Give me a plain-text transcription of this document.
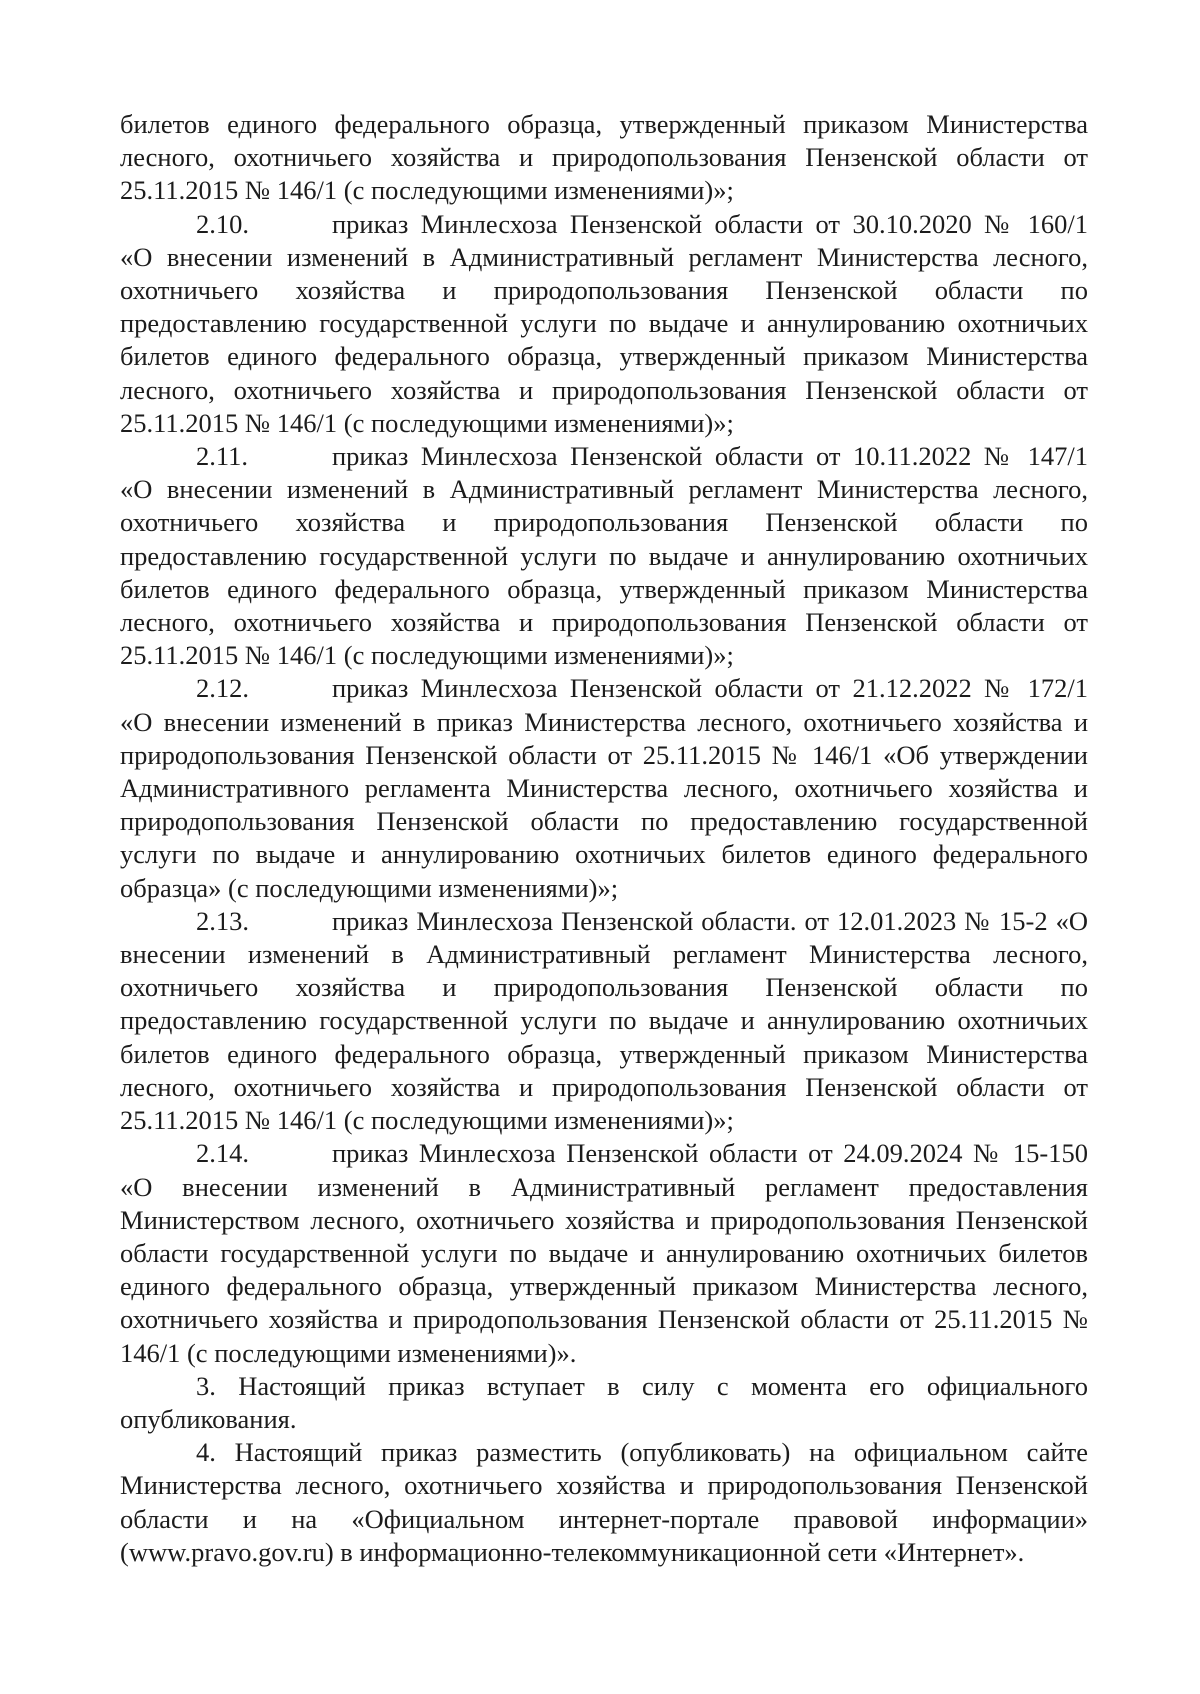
билетов единого федерального образца, утвержденный приказом Министерства лесного, охотничьего хозяйства и природопользования Пензенской области от 25.11.2015 № 146/1 (с последующими изменениями)»;

2.10.	приказ Минлесхоза Пензенской области от 30.10.2020 № 160/1
«О внесении изменений в Административный регламент Министерства лесного, охотничьего хозяйства и природопользования Пензенской области по предоставлению государственной услуги по выдаче и аннулированию охотничьих билетов единого федерального образца, утвержденный приказом Министерства лесного, охотничьего хозяйства и природопользования Пензенской области от 25.11.2015 № 146/1 (с последующими изменениями)»;
2.11.	приказ Минлесхоза Пензенской области от 10.11.2022 № 147/1
«О внесении изменений в Административный регламент Министерства лесного, охотничьего хозяйства и природопользования Пензенской области по предоставлению государственной услуги по выдаче и аннулированию охотничьих билетов единого федерального образца, утвержденный приказом Министерства лесного, охотничьего хозяйства и природопользования Пензенской области от 25.11.2015 № 146/1 (с последующими изменениями)»;
2.12.	приказ Минлесхоза Пензенской области от 21.12.2022 № 172/1
«О внесении изменений в приказ Министерства лесного, охотничьего хозяйства и природопользования Пензенской области от 25.11.2015 № 146/1 «Об утверждении Административного регламента Министерства лесного, охотничьего хозяйства и природопользования Пензенской области по предоставлению государственной услуги по выдаче и аннулированию охотничьих билетов единого федерального образца» (с последующими изменениями)»;
2.13.	приказ Минлесхоза Пензенской области. от 12.01.2023 № 15-2 «О
внесении изменений в Административный регламент Министерства лесного, охотничьего хозяйства и природопользования Пензенской области по предоставлению государственной услуги по выдаче и аннулированию охотничьих билетов единого федерального образца, утвержденный приказом Министерства лесного, охотничьего хозяйства и природопользования Пензенской области от 25.11.2015 № 146/1 (с последующими изменениями)»;
2.14.	приказ Минлесхоза Пензенской области от 24.09.2024 № 15-150
«О внесении изменений в Административный регламент предоставления Министерством лесного, охотничьего хозяйства и природопользования Пензенской области государственной услуги по выдаче и аннулированию охотничьих билетов единого федерального образца, утвержденный приказом Министерства лесного, охотничьего хозяйства и природопользования Пензенской области от 25.11.2015 № 146/1 (с последующими изменениями)».

3. Настоящий приказ вступает в силу с момента его официального опубликования.

4. Настоящий приказ разместить (опубликовать) на официальном сайте Министерства лесного, охотничьего хозяйства и природопользования Пензенской области и на «Официальном интернет-портале правовой информации» (www.pravo.gov.ru) в информационно-телекоммуникационной сети «Интернет».
